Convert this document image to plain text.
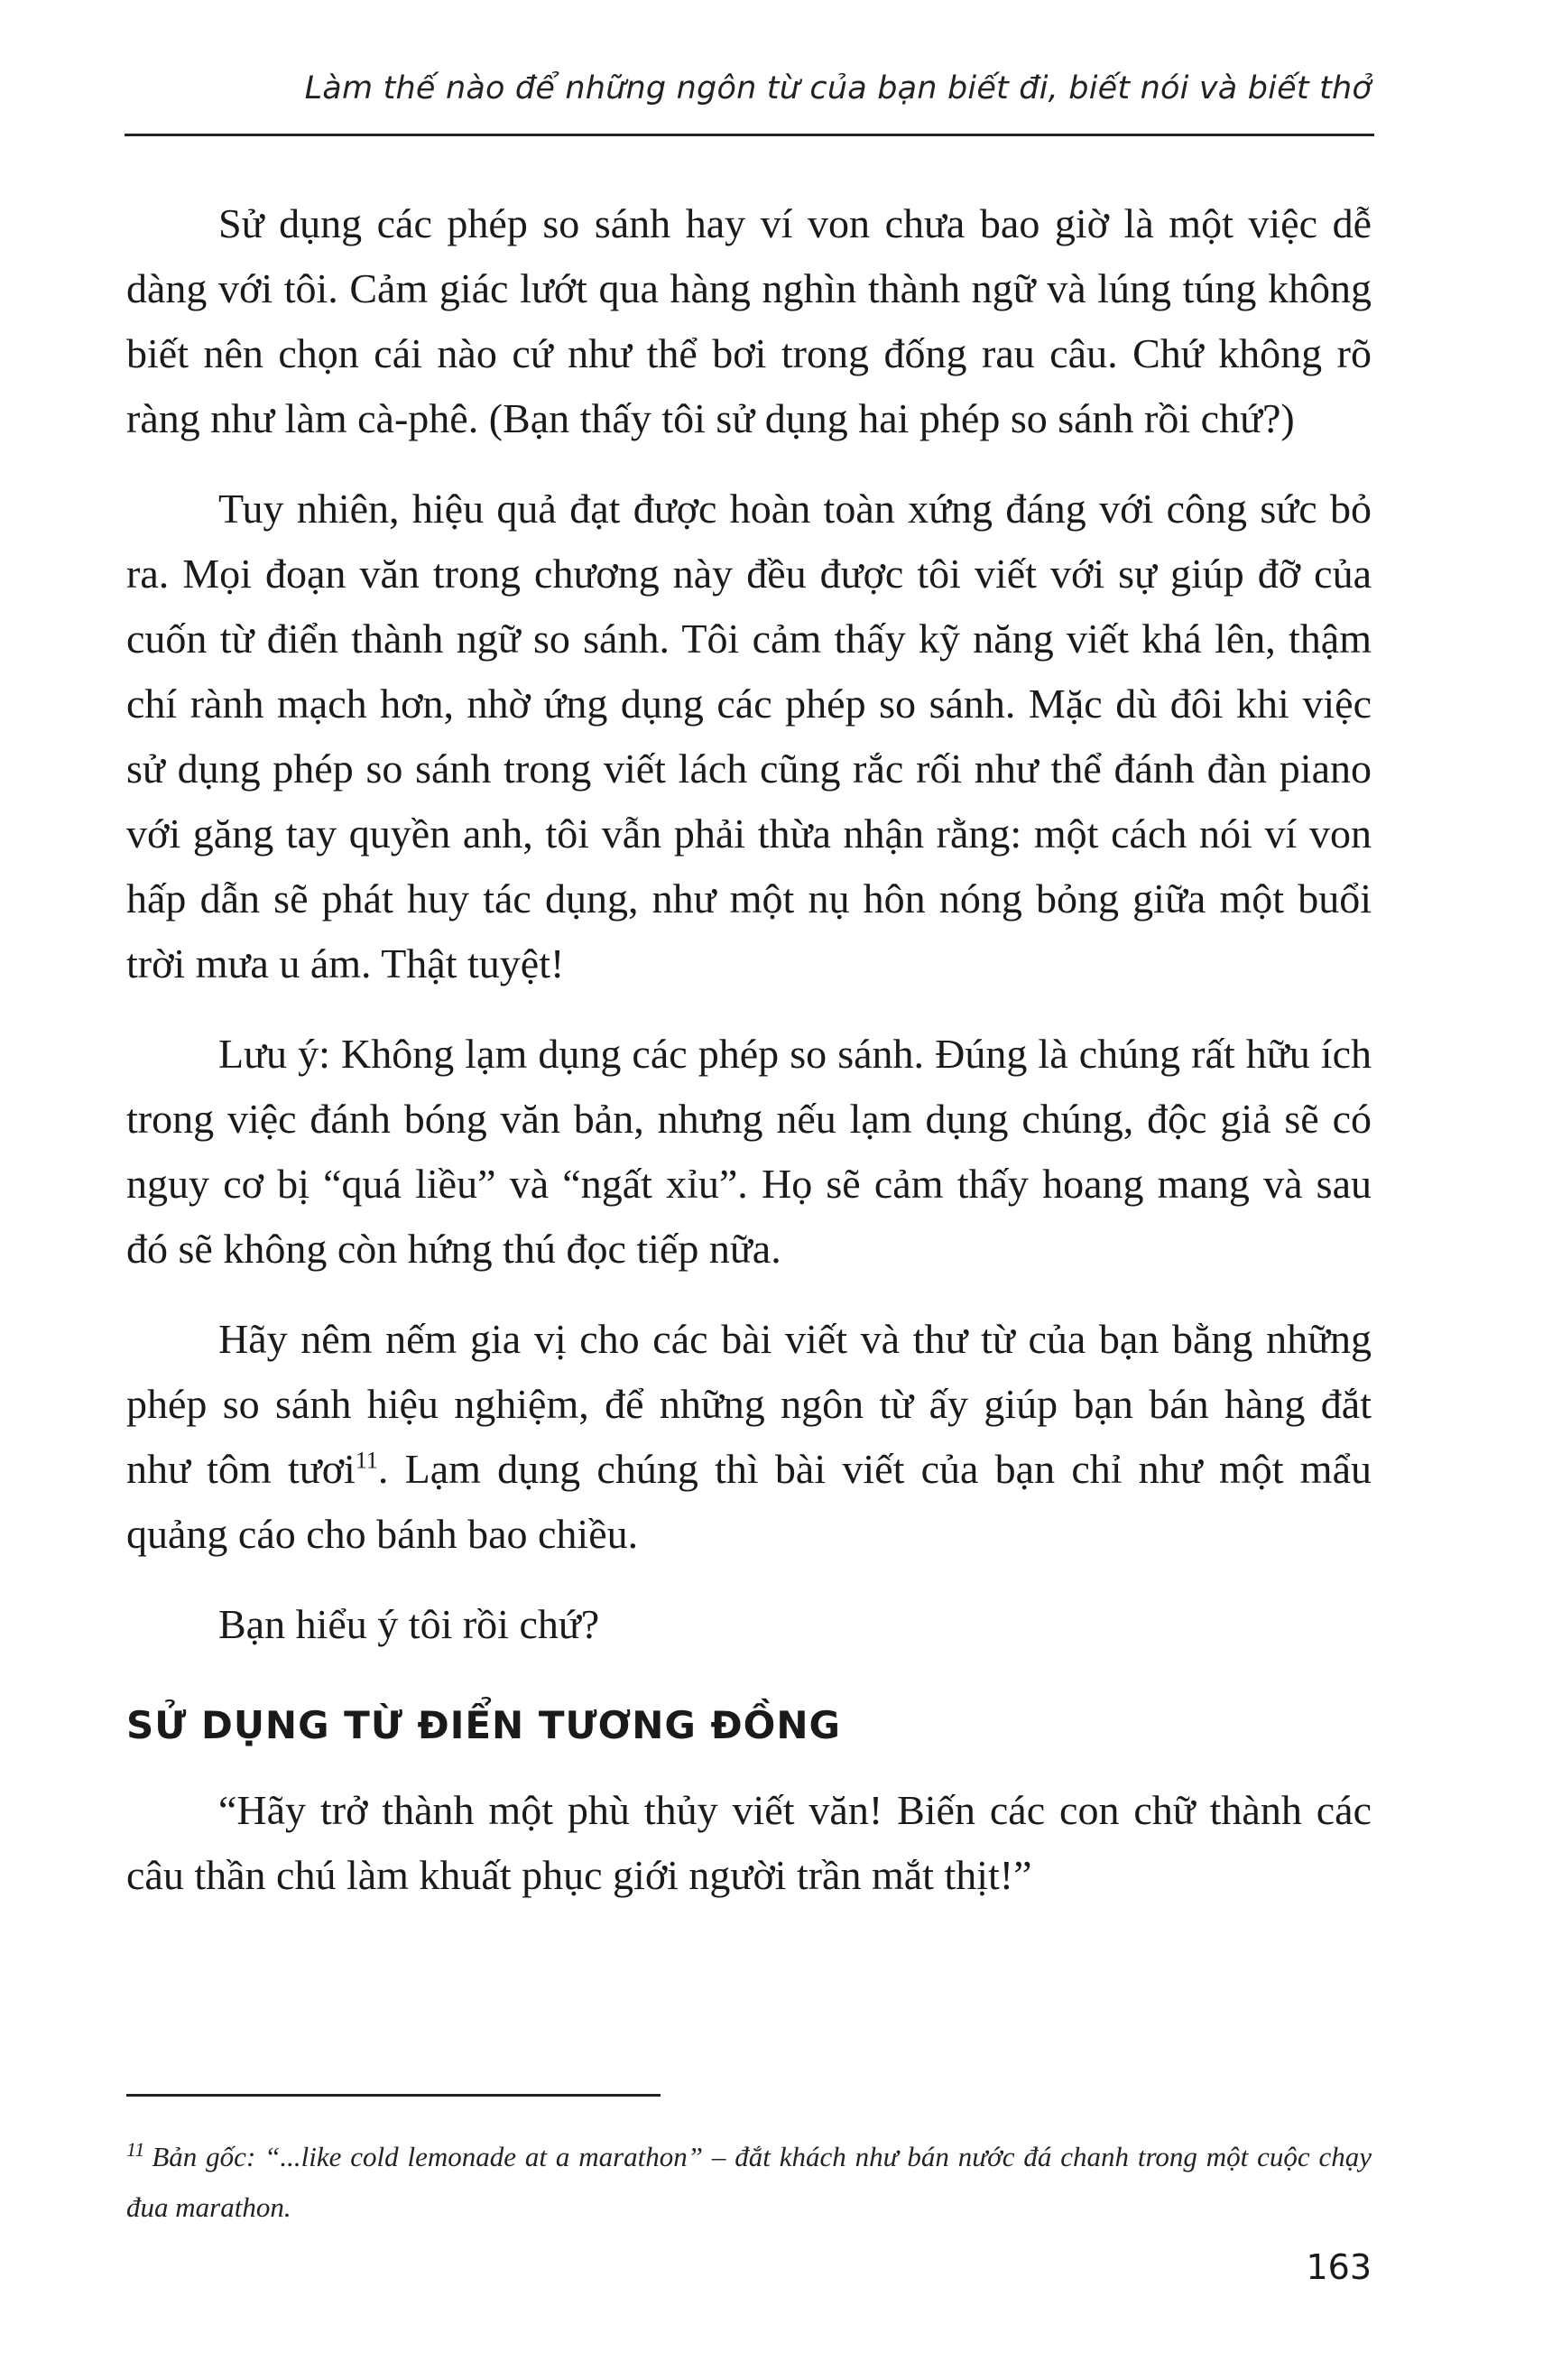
Làm thế nào để những ngôn từ của bạn biết đi, biết nói và biết thở

Sử dụng các phép so sánh hay ví von chưa bao giờ là một việc dễ dàng với tôi. Cảm giác lướt qua hàng nghìn thành ngữ và lúng túng không biết nên chọn cái nào cứ như thể bơi trong đống rau câu. Chứ không rõ ràng như làm cà-phê. (Bạn thấy tôi sử dụng hai phép so sánh rồi chứ?)

Tuy nhiên, hiệu quả đạt được hoàn toàn xứng đáng với công sức bỏ ra. Mọi đoạn văn trong chương này đều được tôi viết với sự giúp đỡ của cuốn từ điển thành ngữ so sánh. Tôi cảm thấy kỹ năng viết khá lên, thậm chí rành mạch hơn, nhờ ứng dụng các phép so sánh. Mặc dù đôi khi việc sử dụng phép so sánh trong viết lách cũng rắc rối như thể đánh đàn piano với găng tay quyền anh, tôi vẫn phải thừa nhận rằng: một cách nói ví von hấp dẫn sẽ phát huy tác dụng, như một nụ hôn nóng bỏng giữa một buổi trời mưa u ám. Thật tuyệt!

Lưu ý: Không lạm dụng các phép so sánh. Đúng là chúng rất hữu ích trong việc đánh bóng văn bản, nhưng nếu lạm dụng chúng, độc giả sẽ có nguy cơ bị “quá liều” và “ngất xỉu”. Họ sẽ cảm thấy hoang mang và sau đó sẽ không còn hứng thú đọc tiếp nữa.

Hãy nêm nếm gia vị cho các bài viết và thư từ của bạn bằng những phép so sánh hiệu nghiệm, để những ngôn từ ấy giúp bạn bán hàng đắt như tôm tươi$^{11}$. Lạm dụng chúng thì bài viết của bạn chỉ như một mẩu quảng cáo cho bánh bao chiều.

Bạn hiểu ý tôi rồi chứ?

SỬ DỤNG TỪ ĐIỂN TƯƠNG ĐỒNG

“Hãy trở thành một phù thủy viết văn! Biến các con chữ thành các câu thần chú làm khuất phục giới người trần mắt thịt!”

$^{11}$ Bản gốc: “...like cold lemonade at a marathon” – đắt khách như bán nước đá chanh trong một cuộc chạy đua marathon.
163
